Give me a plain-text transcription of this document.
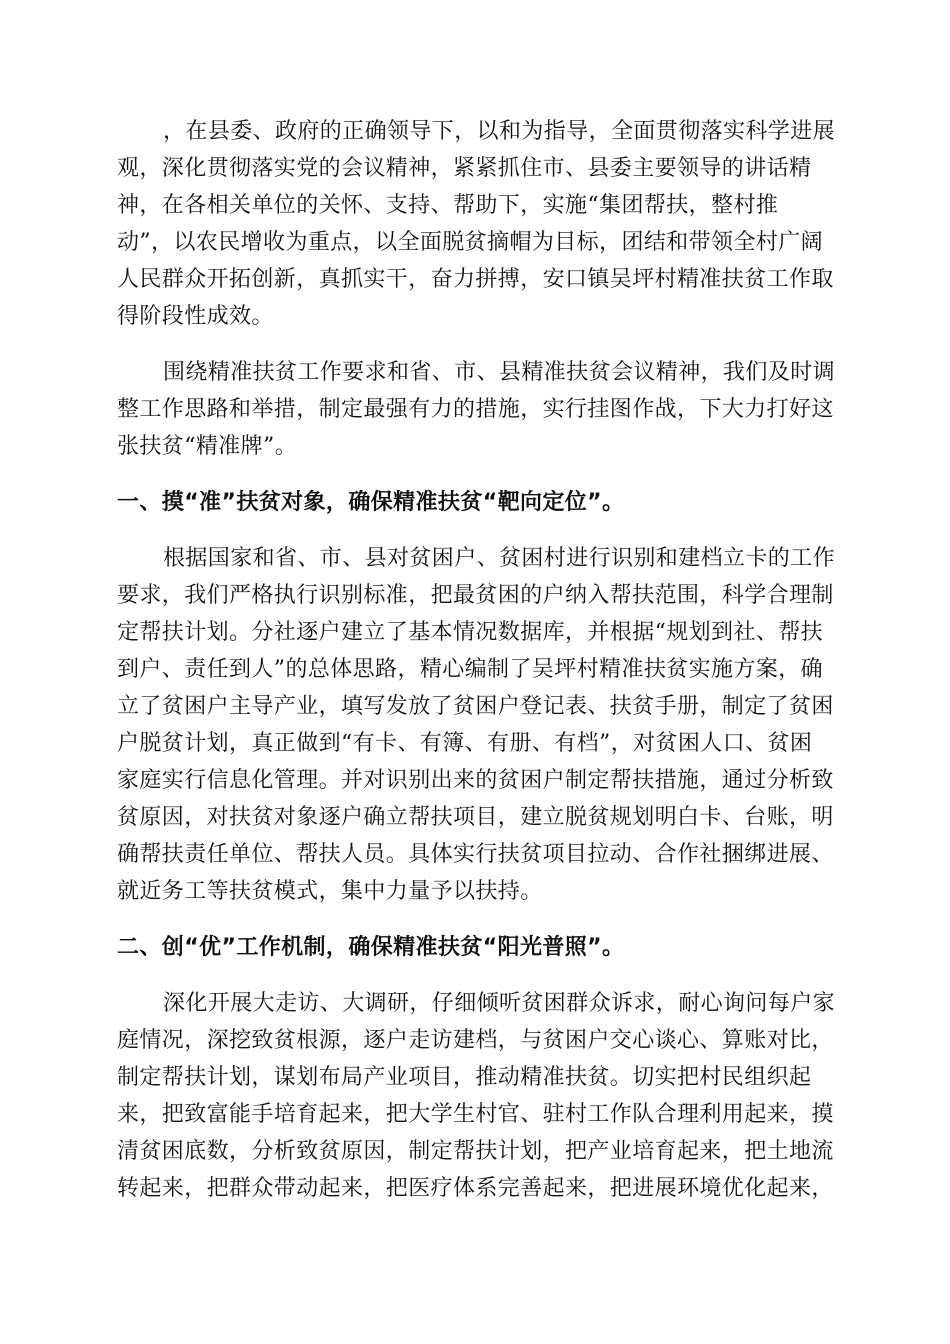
，在县委、政府的正确领导下，以和为指导，全面贯彻落实科学进展
观，深化贯彻落实党的会议精神，紧紧抓住市、县委主要领导的讲话精
神，在各相关单位的关怀、支持、帮助下，实施“集团帮扶，整村推
动”，以农民增收为重点，以全面脱贫摘帽为目标，团结和带领全村广阔
人民群众开拓创新，真抓实干，奋力拼搏，安口镇吴坪村精准扶贫工作取
得阶段性成效。

围绕精准扶贫工作要求和省、市、县精准扶贫会议精神，我们及时调
整工作思路和举措，制定最强有力的措施，实行挂图作战，下大力打好这
张扶贫“精准牌”。

一、摸“准”扶贫对象，确保精准扶贫“靶向定位”。

根据国家和省、市、县对贫困户、贫困村进行识别和建档立卡的工作
要求，我们严格执行识别标准，把最贫困的户纳入帮扶范围，科学合理制
定帮扶计划。分社逐户建立了基本情况数据库，并根据“规划到社、帮扶
到户、责任到人”的总体思路，精心编制了吴坪村精准扶贫实施方案，确
立了贫困户主导产业，填写发放了贫困户登记表、扶贫手册，制定了贫困
户脱贫计划，真正做到“有卡、有簿、有册、有档”，对贫困人口、贫困
家庭实行信息化管理。并对识别出来的贫困户制定帮扶措施，通过分析致
贫原因，对扶贫对象逐户确立帮扶项目，建立脱贫规划明白卡、台账，明
确帮扶责任单位、帮扶人员。具体实行扶贫项目拉动、合作社捆绑进展、
就近务工等扶贫模式，集中力量予以扶持。

二、创“优”工作机制，确保精准扶贫“阳光普照”。

深化开展大走访、大调研，仔细倾听贫困群众诉求，耐心询问每户家
庭情况，深挖致贫根源，逐户走访建档，与贫困户交心谈心、算账对比，
制定帮扶计划，谋划布局产业项目，推动精准扶贫。切实把村民组织起
来，把致富能手培育起来，把大学生村官、驻村工作队合理利用起来，摸
清贫困底数，分析致贫原因，制定帮扶计划，把产业培育起来，把土地流
转起来，把群众带动起来，把医疗体系完善起来，把进展环境优化起来，
